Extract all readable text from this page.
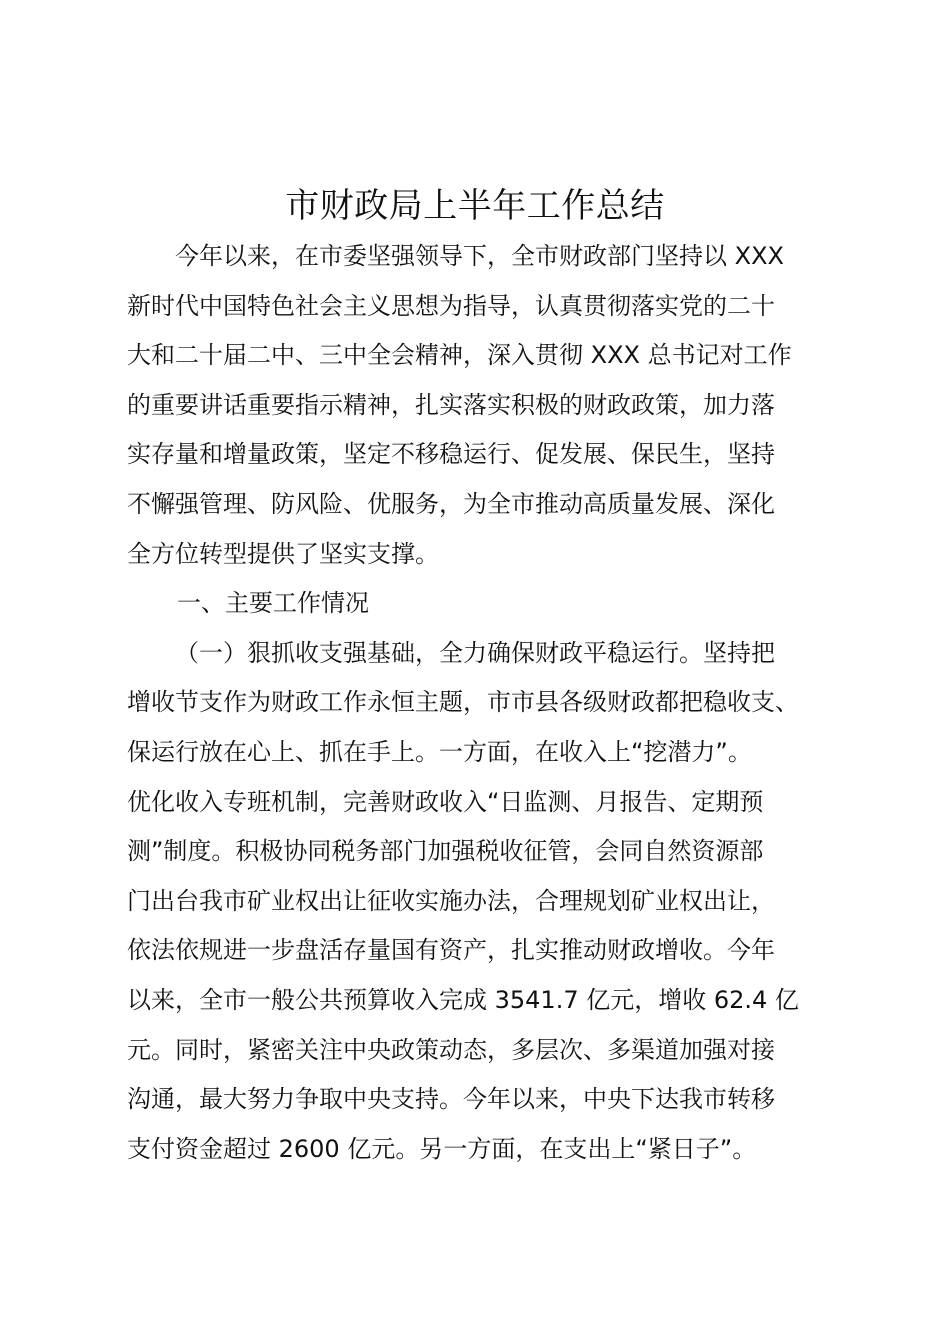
市财政局上半年工作总结
今年以来，在市委坚强领导下，全市财政部门坚持以 XXX
新时代中国特色社会主义思想为指导，认真贯彻落实党的二十
大和二十届二中、三中全会精神，深入贯彻 XXX 总书记对工作
的重要讲话重要指示精神，扎实落实积极的财政政策，加力落
实存量和增量政策，坚定不移稳运行、促发展、保民生，坚持
不懈强管理、防风险、优服务，为全市推动高质量发展、深化
全方位转型提供了坚实支撑。
一、主要工作情况
（一）狠抓收支强基础，全力确保财政平稳运行。坚持把
增收节支作为财政工作永恒主题，市市县各级财政都把稳收支、
保运行放在心上、抓在手上。一方面，在收入上“挖潜力”。
优化收入专班机制，完善财政收入“日监测、月报告、定期预
测”制度。积极协同税务部门加强税收征管，会同自然资源部
门出台我市矿业权出让征收实施办法，合理规划矿业权出让，
依法依规进一步盘活存量国有资产，扎实推动财政增收。今年
以来，全市一般公共预算收入完成 3541.7 亿元，增收 62.4 亿
元。同时，紧密关注中央政策动态，多层次、多渠道加强对接
沟通，最大努力争取中央支持。今年以来，中央下达我市转移
支付资金超过 2600 亿元。另一方面，在支出上“紧日子”。
